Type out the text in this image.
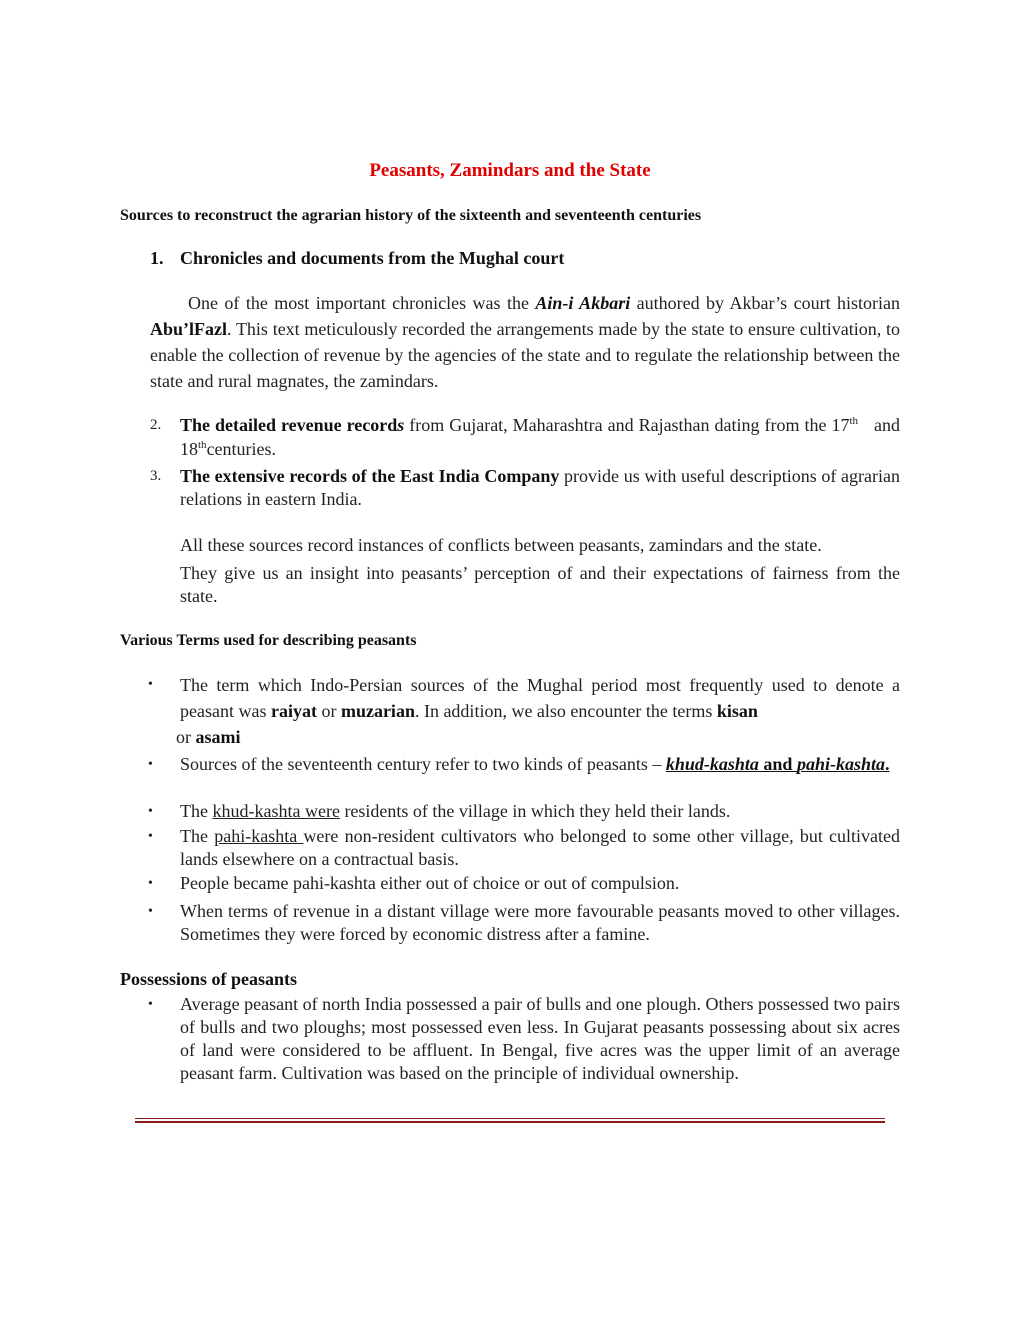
Peasants, Zamindars and the State
Sources to reconstruct the agrarian history of the sixteenth and seventeenth centuries
1. Chronicles and documents from the Mughal court
One of the most important chronicles was the Ain-i Akbari authored by Akbar’s court historian Abu’lFazl. This text meticulously recorded the arrangements made by the state to ensure cultivation, to enable the collection of revenue by the agencies of the state and to regulate the relationship between the state and rural magnates, the zamindars.
2. The detailed revenue records from Gujarat, Maharashtra and Rajasthan dating from the 17th and 18thcenturies.
3. The extensive records of the East India Company provide us with useful descriptions of agrarian relations in eastern India.
All these sources record instances of conflicts between peasants, zamindars and the state.
They give us an insight into peasants’ perception of and their expectations of fairness from the state.
Various Terms used for describing peasants
• The term which Indo-Persian sources of the Mughal period most frequently used to denote a peasant was raiyat or muzarian. In addition, we also encounter the terms kisan
or asami
• Sources of the seventeenth century refer to two kinds of peasants – khud-kashta and pahi-kashta.
• The khud-kashta were residents of the village in which they held their lands.
• The pahi-kashta were non-resident cultivators who belonged to some other village, but cultivated lands elsewhere on a contractual basis.
• People became pahi-kashta either out of choice or out of compulsion.
• When terms of revenue in a distant village were more favourable peasants moved to other villages. Sometimes they were forced by economic distress after a famine.
Possessions of peasants
• Average peasant of north India possessed a pair of bulls and one plough. Others possessed two pairs of bulls and two ploughs; most possessed even less. In Gujarat peasants possessing about six acres of land were considered to be affluent. In Bengal, five acres was the upper limit of an average peasant farm. Cultivation was based on the principle of individual ownership.
